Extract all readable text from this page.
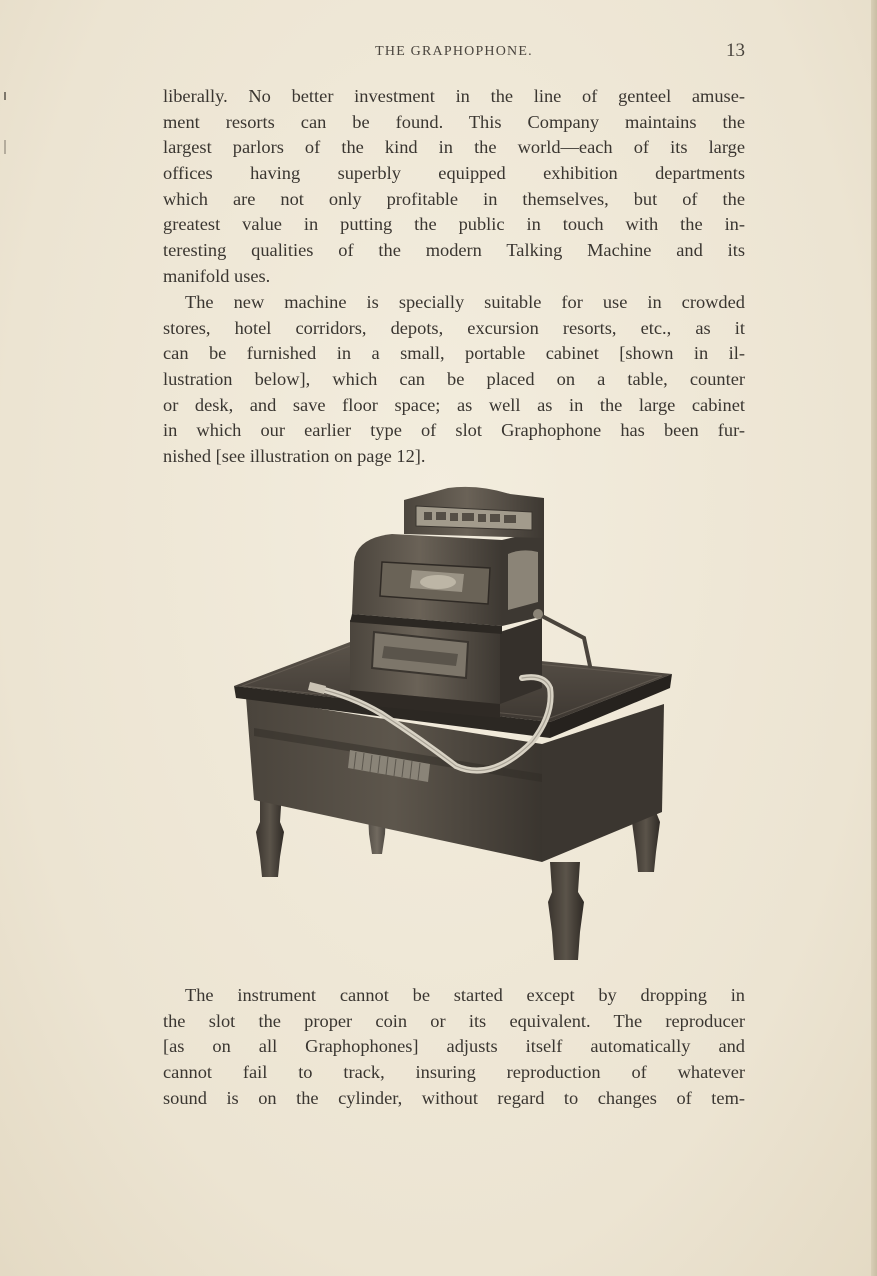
THE GRAPHOPHONE.	13
liberally. No better investment in the line of genteel amuse-
ment resorts can be found. This Company maintains the
largest parlors of the kind in the world—each of its large
offices having superbly equipped exhibition departments
which are not only profitable in themselves, but of the
greatest value in putting the public in touch with the in-
teresting qualities of the modern Talking Machine and its
manifold uses.
The new machine is specially suitable for use in crowded
stores, hotel corridors, depots, excursion resorts, etc., as it
can be furnished in a small, portable cabinet [shown in il-
lustration below], which can be placed on a table, counter
or desk, and save floor space; as well as in the large cabinet
in which our earlier type of slot Graphophone has been fur-
nished [see illustration on page 12].
The instrument cannot be started except by dropping in
the slot the proper coin or its equivalent. The reproducer
[as on all Graphophones] adjusts itself automatically and
cannot fail to track, insuring reproduction of whatever
sound is on the cylinder, without regard to changes of tem-
